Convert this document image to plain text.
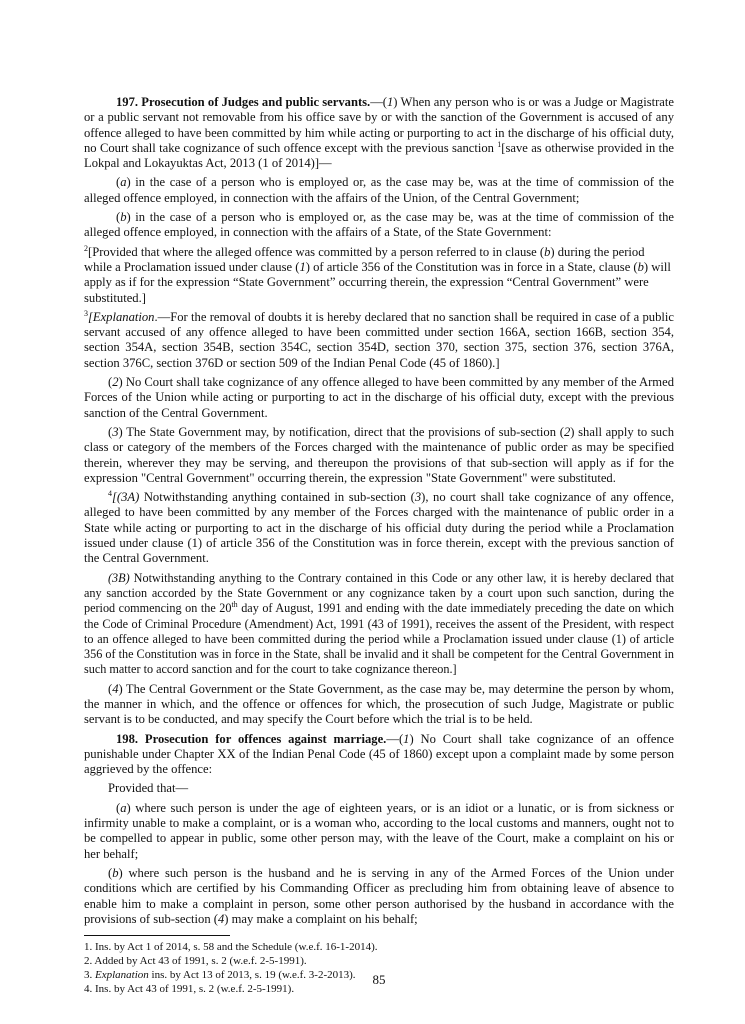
197. Prosecution of Judges and public servants.—(1) When any person who is or was a Judge or Magistrate or a public servant not removable from his office save by or with the sanction of the Government is accused of any offence alleged to have been committed by him while acting or purporting to act in the discharge of his official duty, no Court shall take cognizance of such offence except with the previous sanction $^1$[save as otherwise provided in the Lokpal and Lokayuktas Act, 2013 (1 of 2014)]—

(a) in the case of a person who is employed or, as the case may be, was at the time of commission of the alleged offence employed, in connection with the affairs of the Union, of the Central Government;

(b) in the case of a person who is employed or, as the case may be, was at the time of commission of the alleged offence employed, in connection with the affairs of a State, of the State Government:

$^2$[Provided that where the alleged offence was committed by a person referred to in clause (b) during the period while a Proclamation issued under clause (1) of article 356 of the Constitution was in force in a State, clause (b) will apply as if for the expression “State Government” occurring therein, the expression “Central Government” were substituted.]

$^3$[Explanation.—For the removal of doubts it is hereby declared that no sanction shall be required in case of a public servant accused of any offence alleged to have been committed under section 166A, section 166B, section 354, section 354A, section 354B, section 354C, section 354D, section 370, section 375, section 376, section 376A, section 376C, section 376D or section 509 of the Indian Penal Code (45 of 1860).]

(2) No Court shall take cognizance of any offence alleged to have been committed by any member of the Armed Forces of the Union while acting or purporting to act in the discharge of his official duty, except with the previous sanction of the Central Government.

(3) The State Government may, by notification, direct that the provisions of sub-section (2) shall apply to such class or category of the members of the Forces charged with the maintenance of public order as may be specified therein, wherever they may be serving, and thereupon the provisions of that sub-section will apply as if for the expression "Central Government" occurring therein, the expression "State Government" were substituted.

$^4$[(3A) Notwithstanding anything contained in sub-section (3), no court shall take cognizance of any offence, alleged to have been committed by any member of the Forces charged with the maintenance of public order in a State while acting or purporting to act in the discharge of his official duty during the period while a Proclamation issued under clause (1) of article 356 of the Constitution was in force therein, except with the previous sanction of the Central Government.

(3B) Notwithstanding anything to the Contrary contained in this Code or any other law, it is hereby declared that any sanction accorded by the State Government or any cognizance taken by a court upon such sanction, during the period commencing on the 20th day of August, 1991 and ending with the date immediately preceding the date on which the Code of Criminal Procedure (Amendment) Act, 1991 (43 of 1991), receives the assent of the President, with respect to an offence alleged to have been committed during the period while a Proclamation issued under clause (1) of article 356 of the Constitution was in force in the State, shall be invalid and it shall be competent for the Central Government in such matter to accord sanction and for the court to take cognizance thereon.]

(4) The Central Government or the State Government, as the case may be, may determine the person by whom, the manner in which, and the offence or offences for which, the prosecution of such Judge, Magistrate or public servant is to be conducted, and may specify the Court before which the trial is to be held.

198. Prosecution for offences against marriage.—(1) No Court shall take cognizance of an offence punishable under Chapter XX of the Indian Penal Code (45 of 1860) except upon a complaint made by some person aggrieved by the offence:

Provided that—

(a) where such person is under the age of eighteen years, or is an idiot or a lunatic, or is from sickness or infirmity unable to make a complaint, or is a woman who, according to the local customs and manners, ought not to be compelled to appear in public, some other person may, with the leave of the Court, make a complaint on his or her behalf;

(b) where such person is the husband and he is serving in any of the Armed Forces of the Union under conditions which are certified by his Commanding Officer as precluding him from obtaining leave of absence to enable him to make a complaint in person, some other person authorised by the husband in accordance with the provisions of sub-section (4) may make a complaint on his behalf;

1. Ins. by Act 1 of 2014, s. 58 and the Schedule (w.e.f. 16-1-2014).

2. Added by Act 43 of 1991, s. 2 (w.e.f. 2-5-1991).

3. Explanation ins. by Act 13 of 2013, s. 19 (w.e.f. 3-2-2013).

4. Ins. by Act 43 of 1991, s. 2 (w.e.f. 2-5-1991).

85
